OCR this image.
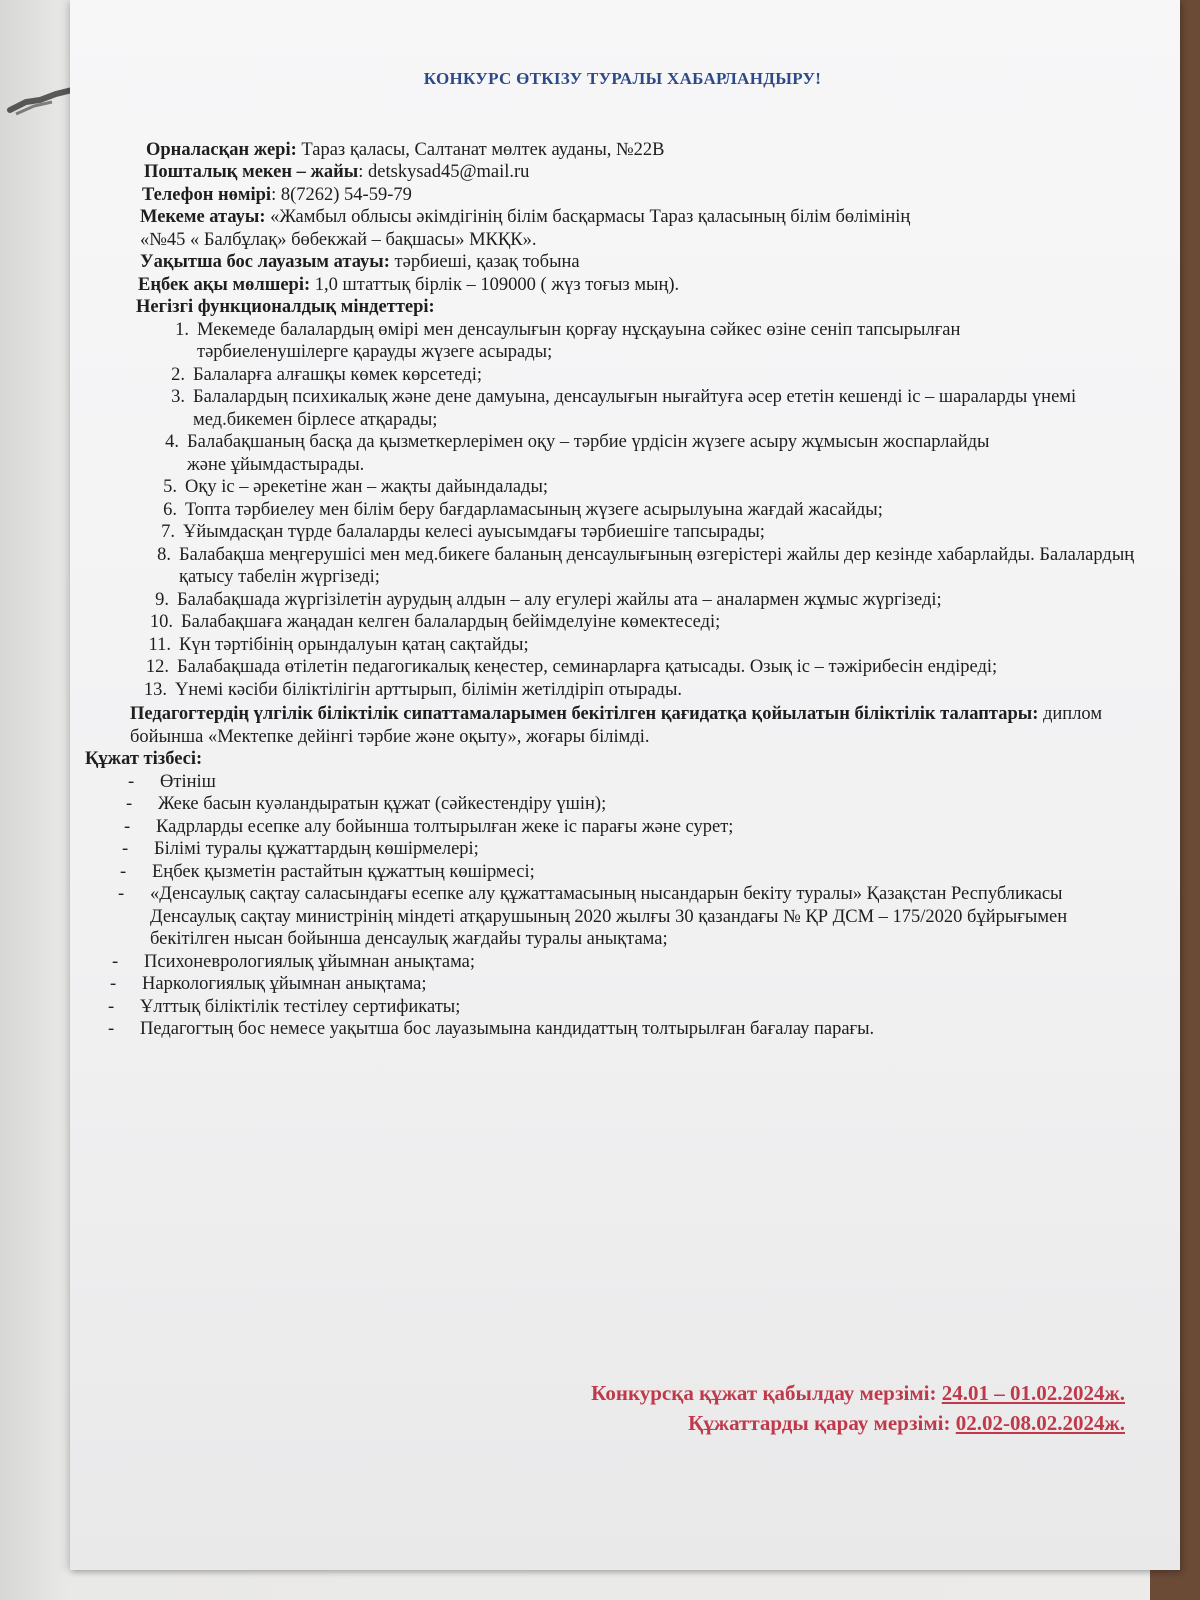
КОНКУРС ӨТКІЗУ ТУРАЛЫ ХАБАРЛАНДЫРУ!

Орналасқан жері: Тараз қаласы, Салтанат мөлтек ауданы, №22В

Пошталық мекен – жайы: detskysad45@mail.ru

Телефон нөмірі: 8(7262) 54-59-79

Мекеме атауы: «Жамбыл облысы әкімдігінің білім басқармасы Тараз қаласының білім бөлімінің
«№45 « Балбұлақ» бөбекжай – бақшасы» МКҚК».

Уақытша бос лауазым атауы: тәрбиеші, қазақ тобына

Еңбек ақы мөлшері: 1,0 штаттық бірлік – 109000 ( жүз тоғыз мың).

Негізгі функционалдық міндеттері:

Мекемеде балалардың өмірі мен денсаулығын қорғау нұсқауына сәйкес өзіне сеніп тапсырылған тәрбиеленушілерге қарауды жүзеге асырады;
Балаларға алғашқы көмек көрсетеді;
Балалардың психикалық және дене дамуына, денсаулығын нығайтуға әсер ететін кешенді іс – шараларды үнемі мед.бикемен бірлесе атқарады;
Балабақшаның басқа да қызметкерлерімен оқу – тәрбие үрдісін жүзеге асыру жұмысын жоспарлайды және ұйымдастырады.
Оқу іс – әрекетіне жан – жақты дайындалады;
Топта тәрбиелеу мен білім беру бағдарламасының жүзеге асырылуына жағдай жасайды;
Ұйымдасқан түрде балаларды келесі ауысымдағы тәрбиешіге тапсырады;
Балабақша меңгерушісі мен мед.бикеге баланың денсаулығының өзгерістері жайлы дер кезінде хабарлайды. Балалардың қатысу табелін жүргізеді;
Балабақшада жүргізілетін аурудың алдын – алу егулері жайлы ата – аналармен жұмыс жүргізеді;
Балабақшаға жаңадан келген балалардың бейімделуіне көмектеседі;
Күн тәртібінің орындалуын қатаң сақтайды;
Балабақшада өтілетін педагогикалық кеңестер, семинарларға қатысады. Озық іс – тәжірибесін ендіреді;
Үнемі кәсіби біліктілігін арттырып, білімін жетілдіріп отырады.
Педагогтердің үлгілік біліктілік сипаттамаларымен бекітілген қағидатқа қойылатын біліктілік талаптары: диплом бойынша «Мектепке дейінгі тәрбие және оқыту», жоғары білімді.
Құжат тізбесі:
- Өтініш
- Жеке басын куәландыратын құжат (сәйкестендіру үшін);
- Кадрларды есепке алу бойынша толтырылған жеке іс парағы және сурет;
- Білімі туралы құжаттардың көшірмелері;
- Еңбек қызметін растайтын құжаттың көшірмесі;
- «Денсаулық сақтау саласындағы есепке алу құжаттамасының нысандарын бекіту туралы» Қазақстан Республикасы Денсаулық сақтау министрінің міндеті атқарушының 2020 жылғы 30 қазандағы № ҚР ДСМ – 175/2020 бұйрығымен бекітілген нысан бойынша денсаулық жағдайы туралы анықтама;
- Психоневрологиялық ұйымнан анықтама;
- Наркологиялық ұйымнан анықтама;
- Ұлттық біліктілік тестілеу сертификаты;
- Педагогтың бос немесе уақытша бос лауазымына кандидаттың толтырылған бағалау парағы.
Конкурсқа құжат қабылдау мерзімі: 24.01 – 01.02.2024ж.
Құжаттарды қарау мерзімі: 02.02-08.02.2024ж.
